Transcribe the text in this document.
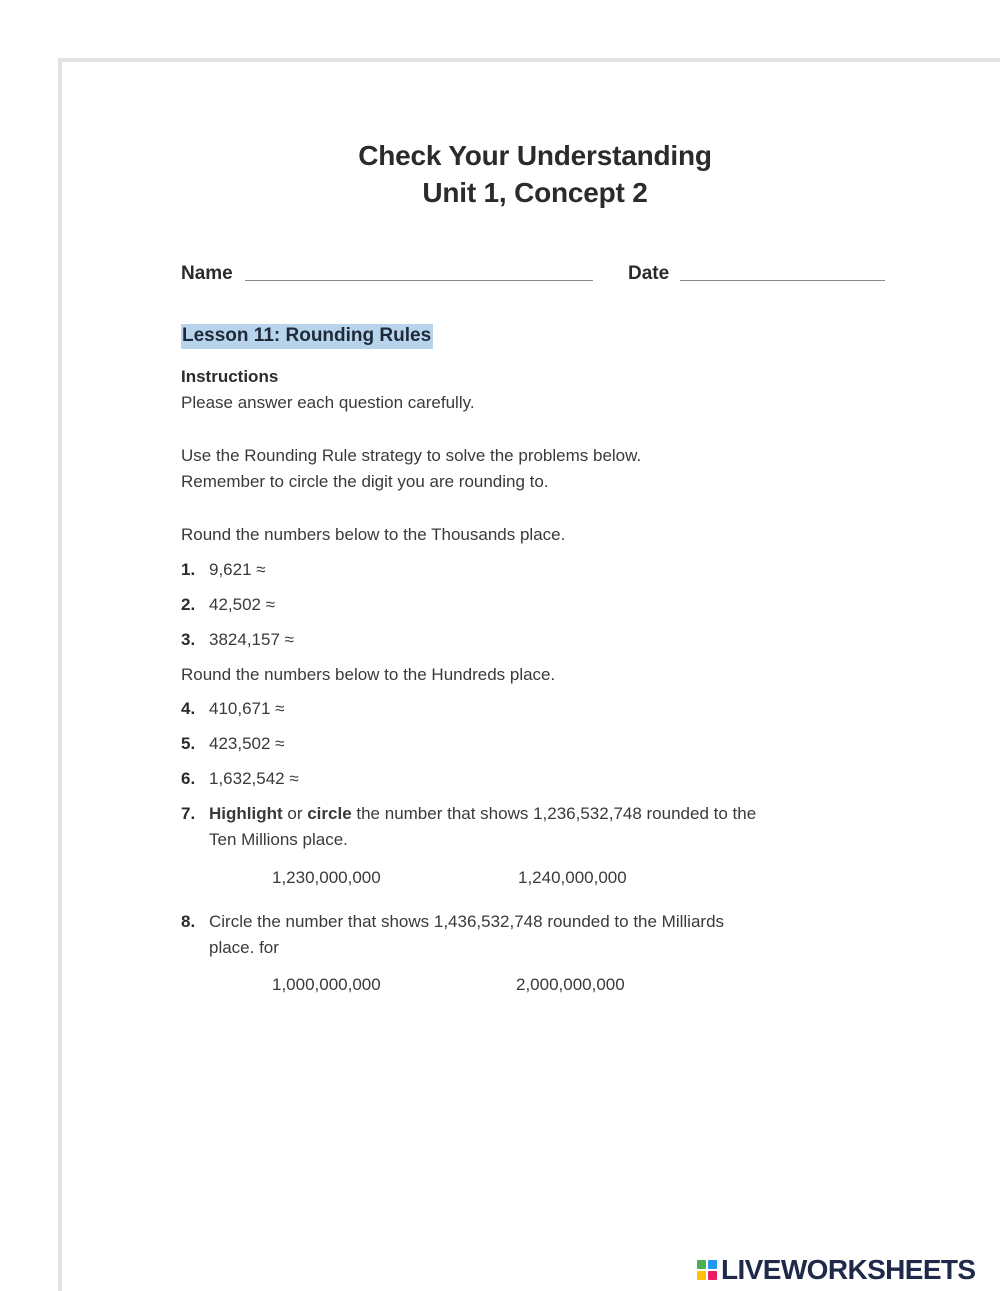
Check Your Understanding
Unit 1, Concept 2
Name	Date
Lesson 11: Rounding Rules
Instructions
Please answer each question carefully.
Use the Rounding Rule strategy to solve the problems below.
Remember to circle the digit you are rounding to.
Round the numbers below to the Thousands place.
1. 9,621 ≈
2. 42,502 ≈
3. 3824,157 ≈
Round the numbers below to the Hundreds place.
4. 410,671 ≈
5. 423,502 ≈
6. 1,632,542 ≈
7. Highlight or circle the number that shows 1,236,532,748 rounded to the
Ten Millions place.
1,230,000,000	1,240,000,000
8. Circle the number that shows 1,436,532,748 rounded to the Milliards
place. for
1,000,000,000	2,000,000,000
LIVEWORKSHEETS
